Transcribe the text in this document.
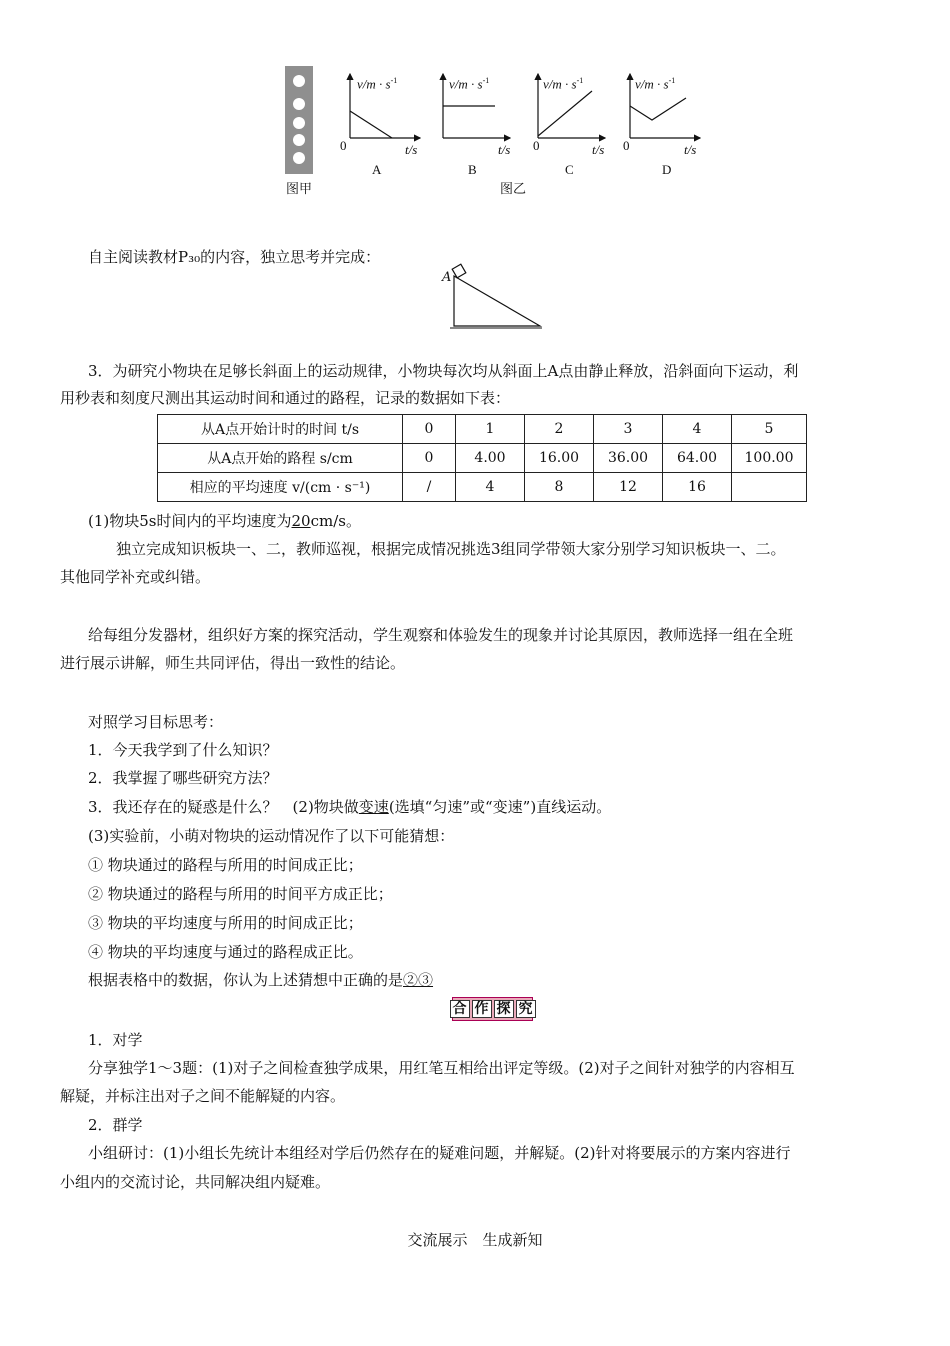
图甲	图乙
$v/m \cdot s^{-1}$
0	t/s
A
$v/m \cdot s^{-1}$
t/s
B
$v/m \cdot s^{-1}$
0	t/s
C
$v/m \cdot s^{-1}$
0	t/s
D
自主阅读教材P₃₀的内容，独立思考并完成：
A
3．为研究小物块在足够长斜面上的运动规律，小物块每次均从斜面上A点由静止释放，沿斜面向下运动，利
用秒表和刻度尺测出其运动时间和通过的路程，记录的数据如下表：
从A点开始计时的时间 t/s	0	1	2	3	4	5
从A点开始的路程 s/cm	0	4.00	16.00	36.00	64.00	100.00
相应的平均速度 v/(cm · s⁻¹)	/	4	8	12	16	
(1)物块5s时间内的平均速度为20cm/s。
独立完成知识板块一、二，教师巡视，根据完成情况挑选3组同学带领大家分别学习知识板块一、二。
其他同学补充或纠错。
给每组分发器材，组织好方案的探究活动，学生观察和体验发生的现象并讨论其原因，教师选择一组在全班
进行展示讲解，师生共同评估，得出一致性的结论。
对照学习目标思考：
1．今天我学到了什么知识？
2．我掌握了哪些研究方法？
3．我还存在的疑惑是什么？　(2)物块做变速(选填“匀速”或“变速”)直线运动。
(3)实验前，小萌对物块的运动情况作了以下可能猜想：
① 物块通过的路程与所用的时间成正比；
② 物块通过的路程与所用的时间平方成正比；
③ 物块的平均速度与所用的时间成正比；
④ 物块的平均速度与通过的路程成正比。
根据表格中的数据，你认为上述猜想中正确的是②③
合 作 探 究
1．对学
分享独学1～3题：(1)对子之间检查独学成果，用红笔互相给出评定等级。(2)对子之间针对独学的内容相互
解疑，并标注出对子之间不能解疑的内容。
2．群学
小组研讨：(1)小组长先统计本组经对学后仍然存在的疑难问题，并解疑。(2)针对将要展示的方案内容进行
小组内的交流讨论，共同解决组内疑难。
交流展示　生成新知
